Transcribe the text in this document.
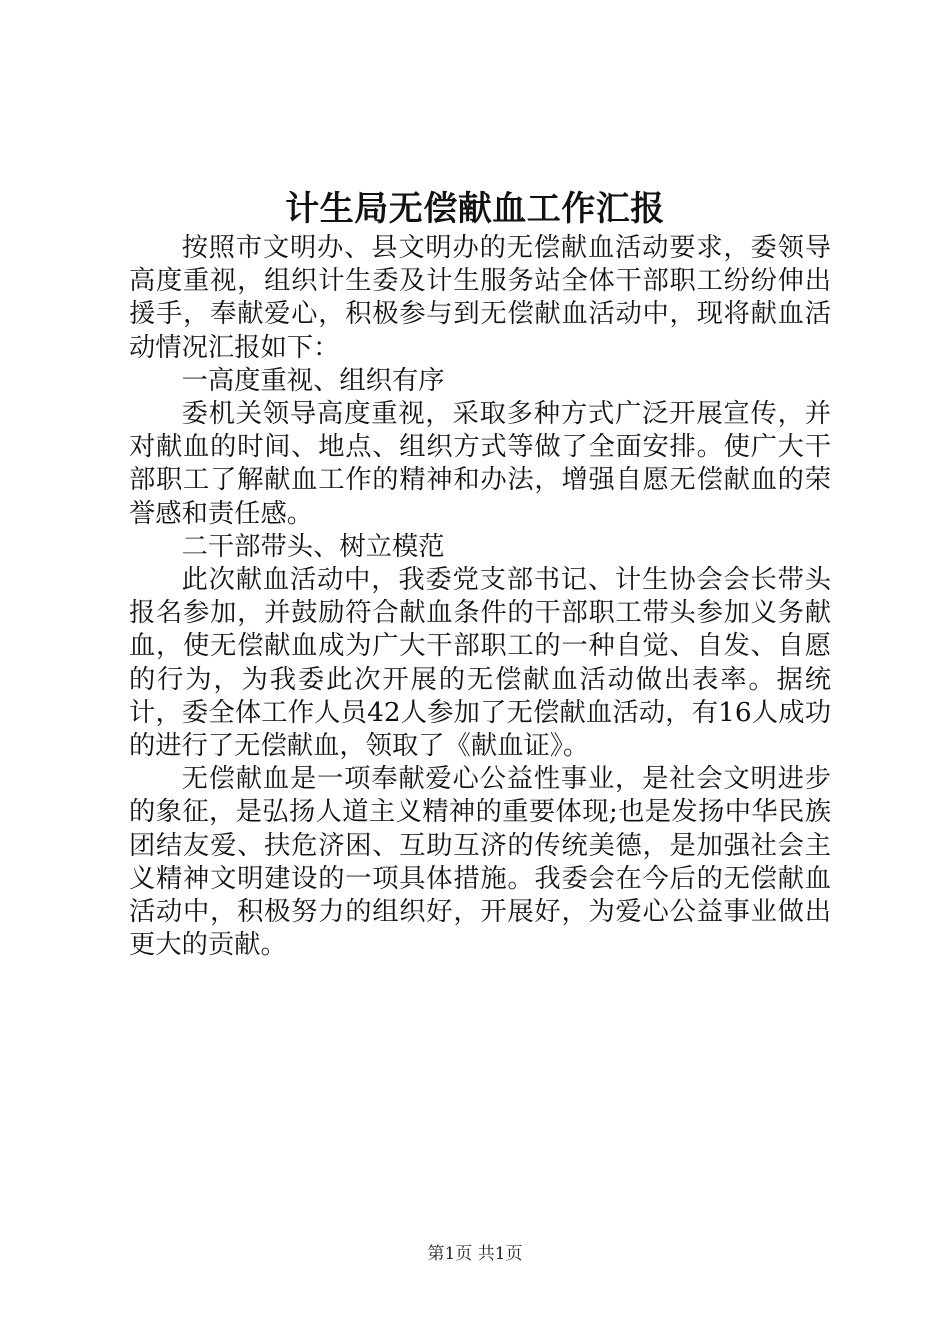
计生局无偿献血工作汇报

按照市文明办、县文明办的无偿献血活动要求，委领导高度重视，组织计生委及计生服务站全体干部职工纷纷伸出援手，奉献爱心，积极参与到无偿献血活动中，现将献血活动情况汇报如下：

一高度重视、组织有序

委机关领导高度重视，采取多种方式广泛开展宣传，并对献血的时间、地点、组织方式等做了全面安排。使广大干部职工了解献血工作的精神和办法，增强自愿无偿献血的荣誉感和责任感。

二干部带头、树立模范

此次献血活动中，我委党支部书记、计生协会会长带头报名参加，并鼓励符合献血条件的干部职工带头参加义务献血，使无偿献血成为广大干部职工的一种自觉、自发、自愿的行为，为我委此次开展的无偿献血活动做出表率。据统计，委全体工作人员42人参加了无偿献血活动，有16人成功的进行了无偿献血，领取了《献血证》。

无偿献血是一项奉献爱心公益性事业，是社会文明进步的象征，是弘扬人道主义精神的重要体现;也是发扬中华民族团结友爱、扶危济困、互助互济的传统美德，是加强社会主义精神文明建设的一项具体措施。我委会在今后的无偿献血活动中，积极努力的组织好，开展好，为爱心公益事业做出更大的贡献。

第1页 共1页
